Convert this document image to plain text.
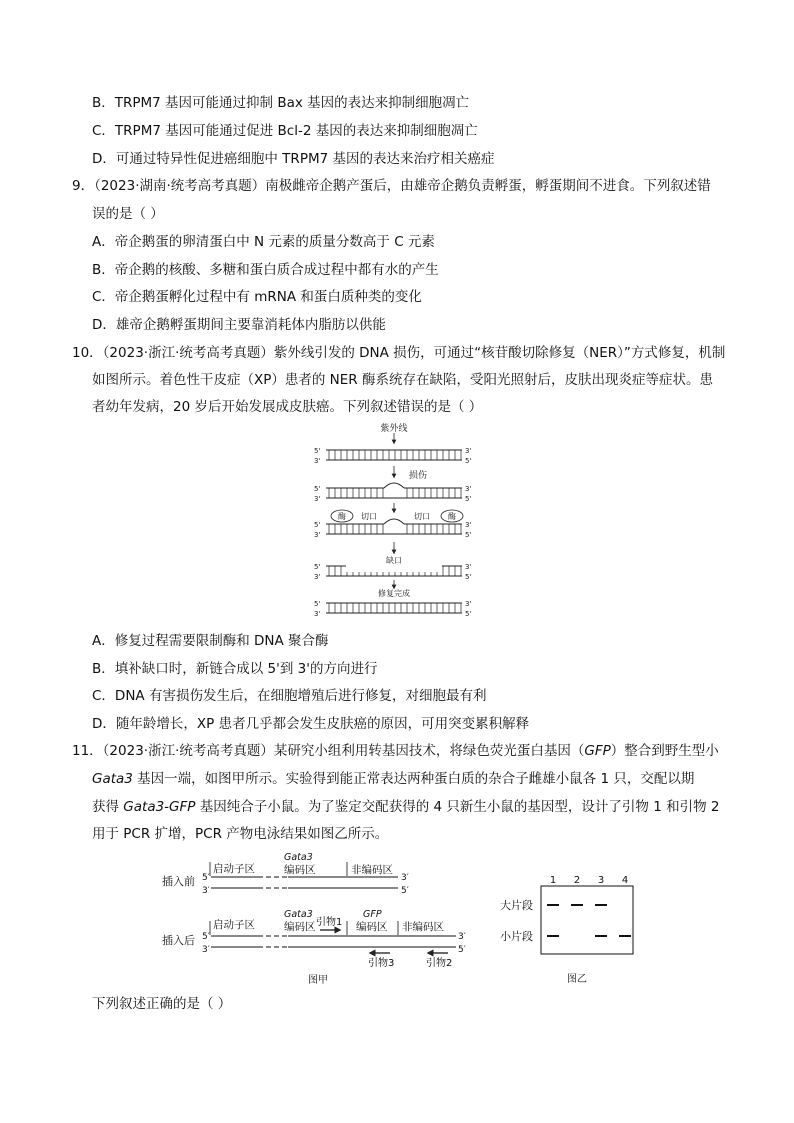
B．TRPM7 基因可能通过抑制 Bax 基因的表达来抑制细胞凋亡
C．TRPM7 基因可能通过促进 Bcl-2 基因的表达来抑制细胞凋亡
D．可通过特异性促进癌细胞中 TRPM7 基因的表达来治疗相关癌症
9．（2023·湖南·统考高考真题）南极雌帝企鹅产蛋后，由雄帝企鹅负责孵蛋，孵蛋期间不进食。下列叙述错
误的是（ ）
A．帝企鹅蛋的卵清蛋白中 N 元素的质量分数高于 C 元素
B．帝企鹅的核酸、多糖和蛋白质合成过程中都有水的产生
C．帝企鹅蛋孵化过程中有 mRNA 和蛋白质种类的变化
D．雄帝企鹅孵蛋期间主要靠消耗体内脂肪以供能
10．（2023·浙江·统考高考真题）紫外线引发的 DNA 损伤，可通过“核苷酸切除修复（NER）”方式修复，机制
如图所示。着色性干皮症（XP）患者的 NER 酶系统存在缺陷，受阳光照射后，皮肤出现炎症等症状。患
者幼年发病，20 岁后开始发展成皮肤癌。下列叙述错误的是（ ）
紫外线
5'
3'
3'
5'
损伤
5'
3'
3'
5'
5'
3'
3'
5'
酶	酶
切口	切口
缺口
5'
3'
3'
5'
修复完成
5'
3'
3'
5'
A．修复过程需要限制酶和 DNA 聚合酶
B．填补缺口时，新链合成以 5'到 3'的方向进行
C．DNA 有害损伤发生后，在细胞增殖后进行修复，对细胞最有利
D．随年龄增长，XP 患者几乎都会发生皮肤癌的原因，可用突变累积解释
11．（2023·浙江·统考高考真题）某研究小组利用转基因技术，将绿色荧光蛋白基因（GFP）整合到野生型小
Gata3 基因一端，如图甲所示。实验得到能正常表达两种蛋白质的杂合子雌雄小鼠各 1 只，交配以期
获得 Gata3-GFP 基因纯合子小鼠。为了鉴定交配获得的 4 只新生小鼠的基因型，设计了引物 1 和引物 2
用于 PCR 扩增，PCR 产物电泳结果如图乙所示。
插入前 5′
3′
3′
5′
启动子区
Gata3
编码区	非编码区
插入后 5′
3′
3′
5′
启动子区
Gata3
编码区 引物1
GFP
编码区 非编码区
引物3	引物2
图甲
1 2 3 4
大片段
小片段
图乙
下列叙述正确的是（ ）
